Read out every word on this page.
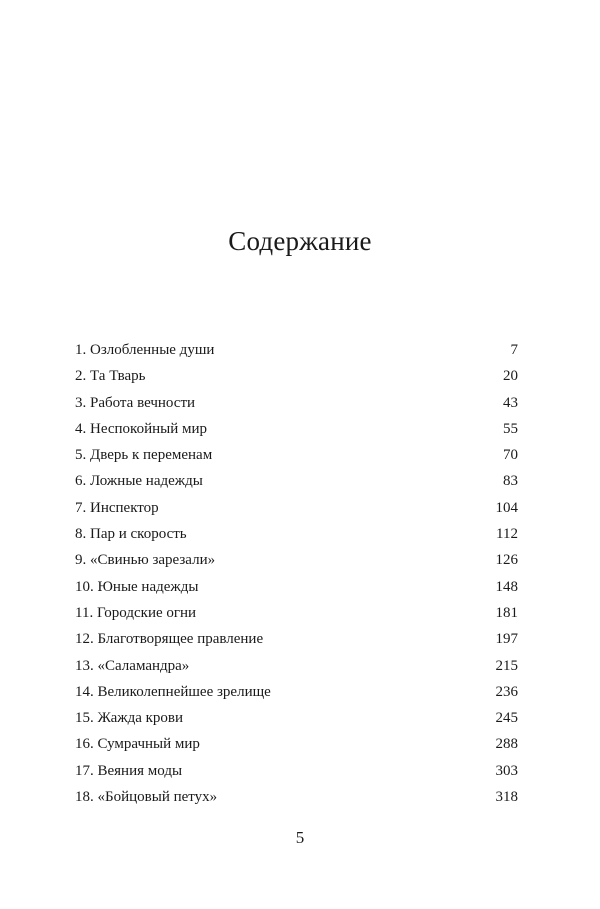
Содержание
1. Озлобленные души	7
2. Та Тварь	20
3. Работа вечности	43
4. Неспокойный мир	55
5. Дверь к переменам	70
6. Ложные надежды	83
7. Инспектор	104
8. Пар и скорость	112
9. «Свинью зарезали»	126
10. Юные надежды	148
11. Городские огни	181
12. Благотворящее правление	197
13. «Саламандра»	215
14. Великолепнейшее зрелище	236
15. Жажда крови	245
16. Сумрачный мир	288
17. Веяния моды	303
18. «Бойцовый петух»	318
5
